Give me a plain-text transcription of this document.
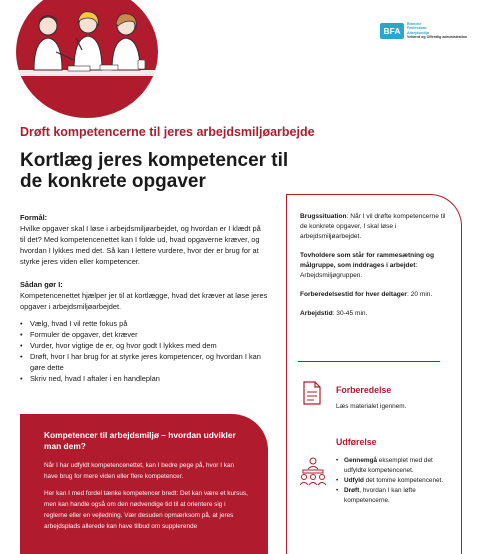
BFA
Branche
Fællesskab
Arbejdsmiljø
Velfærd og Offentlig administration
Drøft kompetencerne til jeres arbejdsmiljøarbejde
Kortlæg jeres kompetencer til de konkrete opgaver

Formål:

Hvilke opgaver skal I løse i arbejdsmiljøarbejdet, og hvordan er I klædt på til det? Med kompetencenettet kan I folde ud, hvad opgaverne kræver, og hvordan I lykkes med det. Så kan I lettere vurdere, hvor der er brug for at styrke jeres viden eller kompetencer.

Sådan gør I:

Kompetencenettet hjælper jer til at kortlægge, hvad det kræver at løse jeres opgaver i arbejdsmiljøarbejdet.

• Vælg, hvad I vil rette fokus på
• Formuler de opgaver, det kræver
• Vurder, hvor vigtige de er, og hvor godt I lykkes med dem
• Drøft, hvor I har brug for at styrke jeres kompetencer, og hvordan I kan gøre dette
• Skriv ned, hvad I aftaler i en handleplan
Kompetencer til arbejdsmiljø – hvordan udvikler man dem?

Når I har udfyldt kompetencenettet, kan I bedre pege på, hvor I kan have brug for mere viden eller flere kompetencer.

Her kan I med fordel tænke kompetencer bredt: Det kan være et kursus, men kan handle også om den nødvendige tid til at orientere sig i reglerne eller en vejledning. Vær desuden opmærksom på, at jeres arbejdsplads allerede kan have tilbud om supplerende

Brugssituation: Når I vil drøfte kompetencerne til de konkrete opgaver, I skal løse i arbejdsmiljøarbejdet.

Tovholdere som står for rammesætning og målgruppe, som inddrages i arbejdet: Arbejdsmiljøgruppen.

Forberedelsestid for hver deltager: 20 min.

Arbejdstid: 30-45 min.

Forberedelse
Læs materialet igennem.
Udførelse
• Gennemgå eksemplet med det udfyldte kompetencenet.
• Udfyld det tomme kompetencenet.
• Drøft, hvordan I kan løfte kompetencerne.
